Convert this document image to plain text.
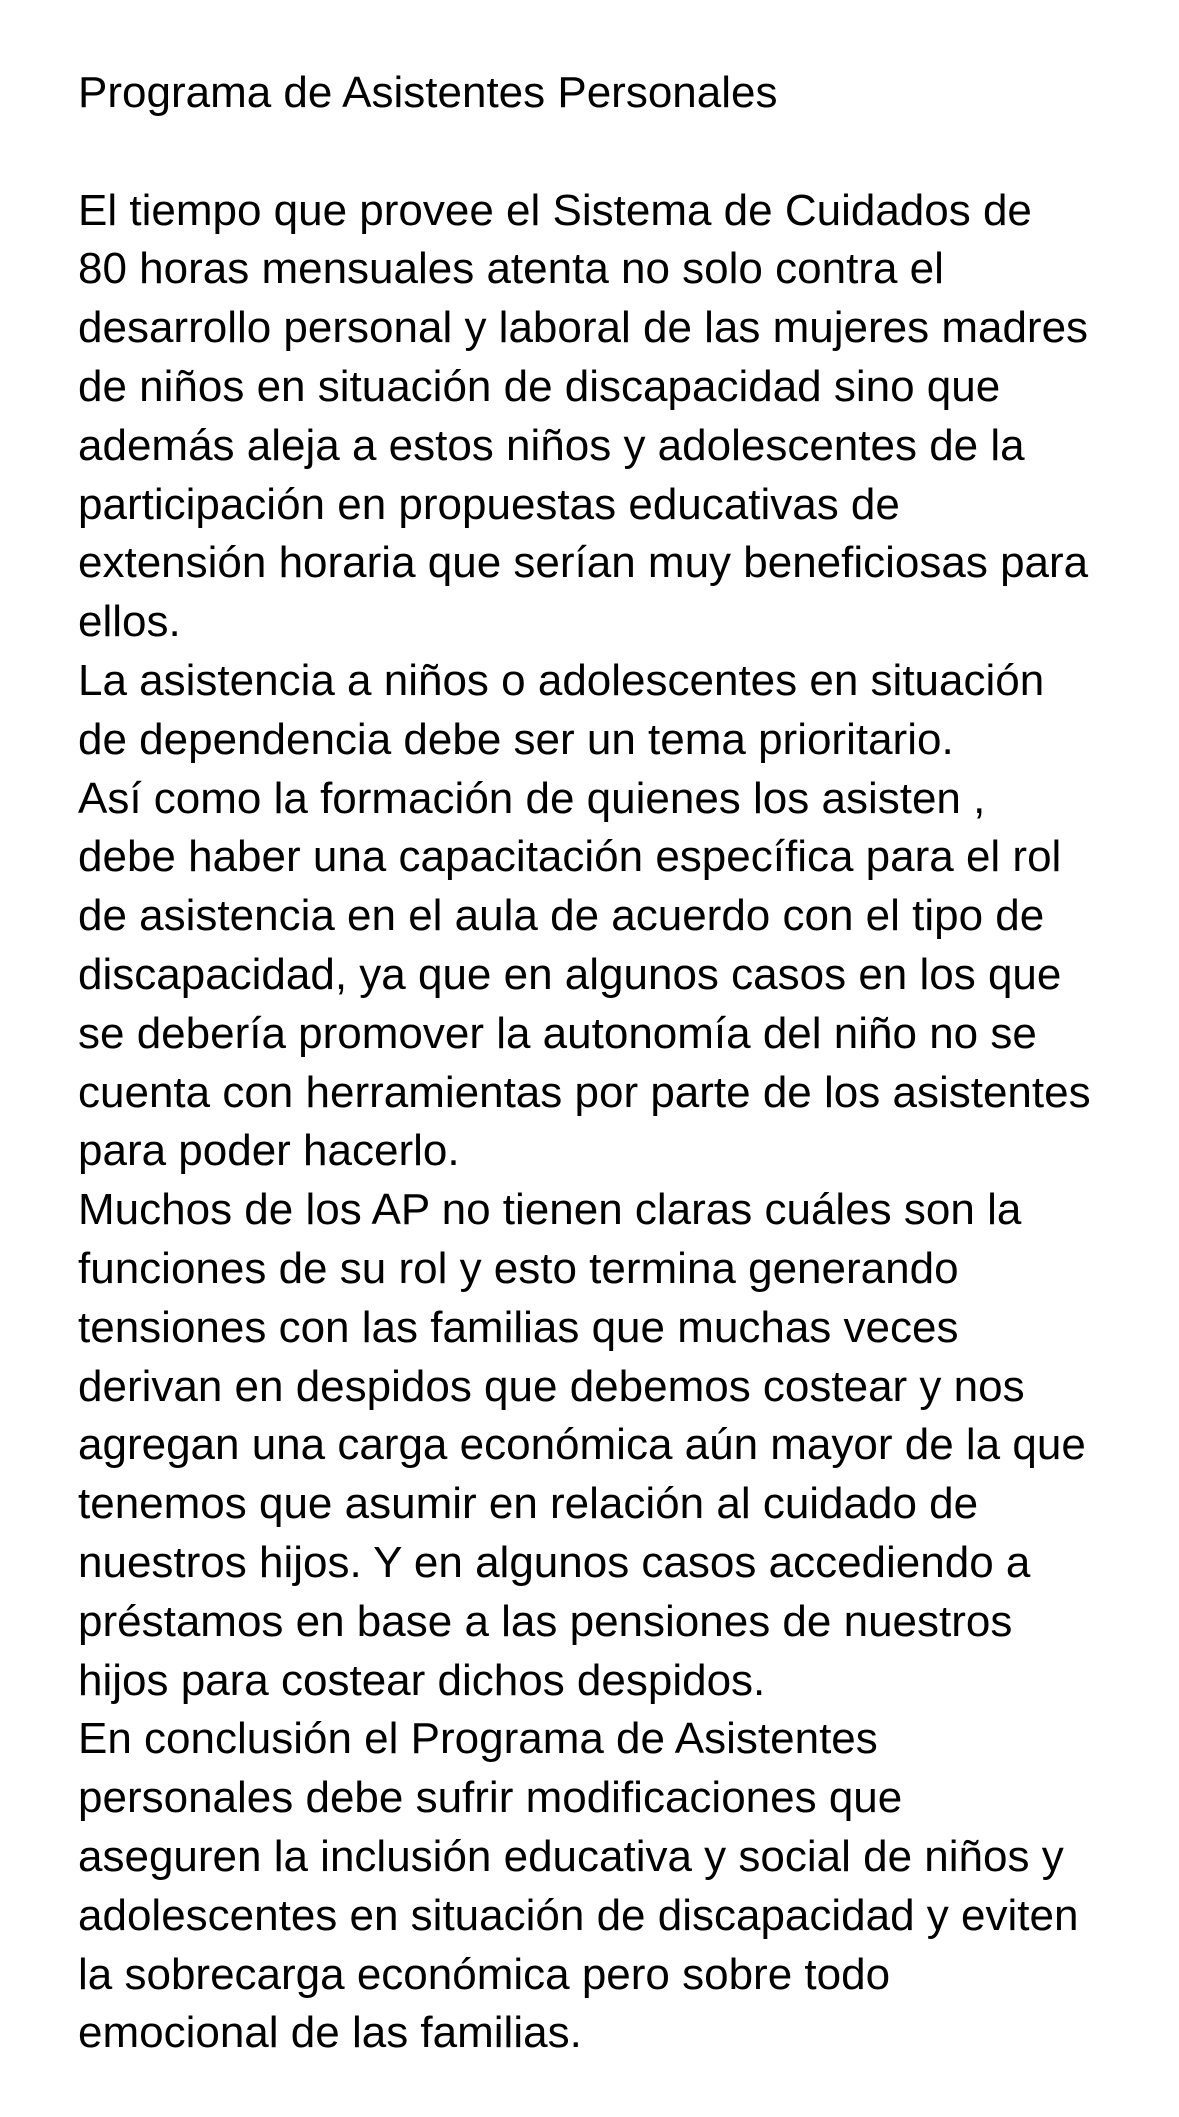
Programa de Asistentes Personales
El tiempo que provee el Sistema de Cuidados de
80 horas mensuales atenta no solo contra el
desarrollo personal y laboral de las mujeres madres
de niños en situación de discapacidad sino que
además aleja a estos niños y adolescentes de la
participación en propuestas educativas de
extensión horaria que serían muy beneficiosas para
ellos.
La asistencia a niños o adolescentes en situación
de dependencia debe ser un tema prioritario.
Así como la formación de quienes los asisten ,
debe haber una capacitación específica para el rol
de asistencia en el aula de acuerdo con el tipo de
discapacidad, ya que en algunos casos en los que
se debería promover la autonomía del niño no se
cuenta con herramientas por parte de los asistentes
para poder hacerlo.
Muchos de los AP no tienen claras cuáles son la
funciones de su rol y esto termina generando
tensiones con las familias que muchas veces
derivan en despidos que debemos costear y nos
agregan una carga económica aún mayor de la que
tenemos que asumir en relación al cuidado de
nuestros hijos. Y en algunos casos accediendo a
préstamos en base a las pensiones de nuestros
hijos para costear dichos despidos.
En conclusión el Programa de Asistentes
personales debe sufrir modificaciones que
aseguren la inclusión educativa y social de niños y
adolescentes en situación de discapacidad y eviten
la sobrecarga económica pero sobre todo
emocional de las familias.
